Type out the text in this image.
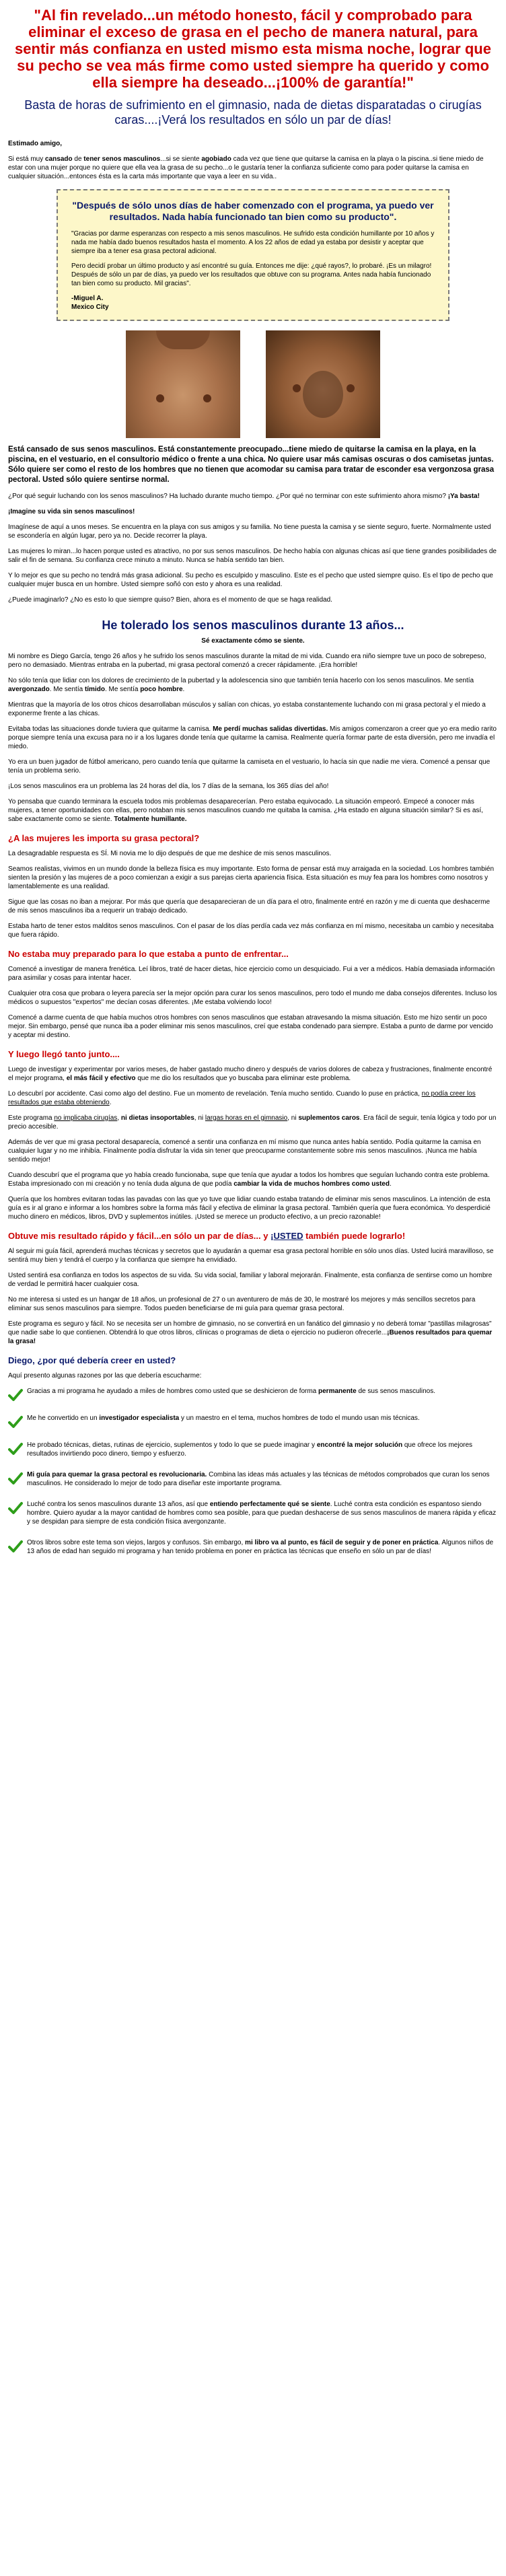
"Al fin revelado...un método honesto, fácil y comprobado para eliminar el exceso de grasa en el pecho de manera natural, para sentir más confianza en usted mismo esta misma noche, lograr que su pecho se vea más firme como usted siempre ha querido y como ella siempre ha deseado...¡100% de garantía!"
Basta de horas de sufrimiento en el gimnasio, nada de dietas disparatadas o cirugías caras....¡Verá los resultados en sólo un par de días!

Estimado amigo,

Si está muy cansado de tener senos masculinos...si se siente agobiado cada vez que tiene que quitarse la camisa en la playa o la piscina..si tiene miedo de estar con una mujer porque no quiere que ella vea la grasa de su pecho...o le gustaría tener la confianza suficiente como para poder quitarse la camisa en cualquier situación...entonces ésta es la carta más importante que vaya a leer en su vida..

"Después de sólo unos días de haber comenzado con el programa, ya puedo ver resultados. Nada había funcionado tan bien como su producto".

"Gracias por darme esperanzas con respecto a mis senos masculinos. He sufrido esta condición humillante por 10 años y nada me había dado buenos resultados hasta el momento. A los 22 años de edad ya estaba por desistir y aceptar que siempre iba a tener esa grasa pectoral adicional.

Pero decidí probar un último producto y así encontré su guía. Entonces me dije: ¿qué rayos?, lo probaré. ¡Es un milagro! Después de sólo un par de días, ya puedo ver los resultados que obtuve con su programa. Antes nada había funcionado tan bien como su producto. Mil gracias".

-Miguel A.
Mexico City
Está cansado de sus senos masculinos. Está constantemente preocupado...tiene miedo de quitarse la camisa en la playa, en la piscina, en el vestuario, en el consultorio médico o frente a una chica. No quiere usar más camisas oscuras o dos camisetas juntas. Sólo quiere ser como el resto de los hombres que no tienen que acomodar su camisa para tratar de esconder esa vergonzosa grasa pectoral. Usted sólo quiere sentirse normal.

¿Por qué seguir luchando con los senos masculinos? Ha luchado durante mucho tiempo. ¿Por qué no terminar con este sufrimiento ahora mismo? ¡Ya basta!

¡Imagine su vida sin senos masculinos!

Imagínese de aquí a unos meses. Se encuentra en la playa con sus amigos y su familia. No tiene puesta la camisa y se siente seguro, fuerte. Normalmente usted se escondería en algún lugar, pero ya no. Decide recorrer la playa.

Las mujeres lo miran...lo hacen porque usted es atractivo, no por sus senos masculinos. De hecho había con algunas chicas así que tiene grandes posibilidades de salir el fin de semana. Su confianza crece minuto a minuto. Nunca se había sentido tan bien.

Y lo mejor es que su pecho no tendrá más grasa adicional. Su pecho es esculpido y masculino. Este es el pecho que usted siempre quiso. Es el tipo de pecho que cualquier mujer busca en un hombre. Usted siempre soñó con esto y ahora es una realidad.

¿Puede imaginarlo? ¿No es esto lo que siempre quiso? Bien, ahora es el momento de que se haga realidad.

He tolerado los senos masculinos durante 13 años...
Sé exactamente cómo se siente.

Mi nombre es Diego García, tengo 26 años y he sufrido los senos masculinos durante la mitad de mi vida. Cuando era niño siempre tuve un poco de sobrepeso, pero no demasiado. Mientras entraba en la pubertad, mi grasa pectoral comenzó a crecer rápidamente. ¡Era horrible!

No sólo tenía que lidiar con los dolores de crecimiento de la pubertad y la adolescencia sino que también tenía hacerlo con los senos masculinos. Me sentía avergonzado. Me sentía tímido. Me sentía poco hombre.

Mientras que la mayoría de los otros chicos desarrollaban músculos y salían con chicas, yo estaba constantemente luchando con mi grasa pectoral y el miedo a exponerme frente a las chicas.

Evitaba todas las situaciones donde tuviera que quitarme la camisa. Me perdí muchas salidas divertidas. Mis amigos comenzaron a creer que yo era medio rarito porque siempre tenía una excusa para no ir a los lugares donde tenía que quitarme la camisa. Realmente quería formar parte de esta diversión, pero me invadía el miedo.

Yo era un buen jugador de fútbol americano, pero cuando tenía que quitarme la camiseta en el vestuario, lo hacía sin que nadie me viera. Comencé a pensar que tenía un problema serio.

¡Los senos masculinos era un problema las 24 horas del día, los 7 días de la semana, los 365 días del año!

Yo pensaba que cuando terminara la escuela todos mis problemas desaparecerían. Pero estaba equivocado. La situación empeoró. Empecé a conocer más mujeres, a tener oportunidades con ellas, pero notaban mis senos masculinos cuando me quitaba la camisa. ¿Ha estado en alguna situación similar? Si es así, sabe exactamente como se siente. Totalmente humillante.

¿A las mujeres les importa su grasa pectoral?

La desagradable respuesta es SÍ. Mi novia me lo dijo después de que me deshice de mis senos masculinos.

Seamos realistas, vivimos en un mundo donde la belleza física es muy importante. Esto forma de pensar está muy arraigada en la sociedad. Los hombres también sienten la presión y las mujeres de a poco comienzan a exigir a sus parejas cierta apariencia física. Esta situación es muy fea para los hombres como nosotros y lamentablemente es una realidad.

Sigue que las cosas no iban a mejorar. Por más que quería que desaparecieran de un día para el otro, finalmente entré en razón y me di cuenta que deshacerme de mis senos masculinos iba a requerir un trabajo dedicado.

Estaba harto de tener estos malditos senos masculinos. Con el pasar de los días perdía cada vez más confianza en mí mismo, necesitaba un cambio y necesitaba que fuera rápido.

No estaba muy preparado para lo que estaba a punto de enfrentar...

Comencé a investigar de manera frenética. Leí libros, traté de hacer dietas, hice ejercicio como un desquiciado. Fui a ver a médicos. Había demasiada información para asimilar y cosas para intentar hacer.

Cualquier otra cosa que probara o leyera parecía ser la mejor opción para curar los senos masculinos, pero todo el mundo me daba consejos diferentes. Incluso los médicos o supuestos "expertos" me decían cosas diferentes. ¡Me estaba volviendo loco!

Comencé a darme cuenta de que había muchos otros hombres con senos masculinos que estaban atravesando la misma situación. Esto me hizo sentir un poco mejor. Sin embargo, pensé que nunca iba a poder eliminar mis senos masculinos, creí que estaba condenado para siempre. Estaba a punto de darme por vencido y aceptar mi destino.

Y luego llegó tanto junto....

Luego de investigar y experimentar por varios meses, de haber gastado mucho dinero y después de varios dolores de cabeza y frustraciones, finalmente encontré el mejor programa, el más fácil y efectivo que me dio los resultados que yo buscaba para eliminar este problema.

Lo descubrí por accidente. Casi como algo del destino. Fue un momento de revelación. Tenía mucho sentido. Cuando lo puse en práctica, no podía creer los resultados que estaba obteniendo.

Este programa no implicaba cirugías, ni dietas insoportables, ni largas horas en el gimnasio, ni suplementos caros. Era fácil de seguir, tenía lógica y todo por un precio accesible.

Además de ver que mi grasa pectoral desaparecía, comencé a sentir una confianza en mí mismo que nunca antes había sentido. Podía quitarme la camisa en cualquier lugar y no me inhibía. Finalmente podía disfrutar la vida sin tener que preocuparme constantemente sobre mis senos masculinos. ¡Nunca me había sentido mejor!

Cuando descubrí que el programa que yo había creado funcionaba, supe que tenía que ayudar a todos los hombres que seguían luchando contra este problema. Estaba impresionado con mi creación y no tenía duda alguna de que podía cambiar la vida de muchos hombres como usted.

Quería que los hombres evitaran todas las pavadas con las que yo tuve que lidiar cuando estaba tratando de eliminar mis senos masculinos. La intención de esta guía es ir al grano e informar a los hombres sobre la forma más fácil y efectiva de eliminar la grasa pectoral. También quería que fuera económica. Yo desperdicié mucho dinero en médicos, libros, DVD y suplementos inútiles. ¡Usted se merece un producto efectivo, a un precio razonable!

Obtuve mis resultado rápido y fácil...en sólo un par de días... y ¡USTED también puede lograrlo!

Al seguir mi guía fácil, aprenderá muchas técnicas y secretos que lo ayudarán a quemar esa grasa pectoral horrible en sólo unos días. Usted lucirá maravilloso, se sentirá muy bien y tendrá el cuerpo y la confianza que siempre ha envidiado.

Usted sentirá esa confianza en todos los aspectos de su vida. Su vida social, familiar y laboral mejorarán. Finalmente, esta confianza de sentirse como un hombre de verdad le permitirá hacer cualquier cosa.

No me interesa si usted es un hangar de 18 años, un profesional de 27 o un aventurero de más de 30, le mostraré los mejores y más sencillos secretos para eliminar sus senos masculinos para siempre. Todos pueden beneficiarse de mi guía para quemar grasa pectoral.

Este programa es seguro y fácil. No se necesita ser un hombre de gimnasio, no se convertirá en un fanático del gimnasio y no deberá tomar "pastillas milagrosas" que nadie sabe lo que contienen. Obtendrá lo que otros libros, clínicas o programas de dieta o ejercicio no pudieron ofrecerle...¡Buenos resultados para quemar la grasa!

Diego, ¿por qué debería creer en usted?

Aquí presento algunas razones por las que debería escucharme:

Gracias a mi programa he ayudado a miles de hombres como usted que se deshicieron de forma permanente de sus senos masculinos.
Me he convertido en un investigador especialista y un maestro en el tema, muchos hombres de todo el mundo usan mis técnicas.
He probado técnicas, dietas, rutinas de ejercicio, suplementos y todo lo que se puede imaginar y encontré la mejor solución que ofrece los mejores resultados invirtiendo poco dinero, tiempo y esfuerzo.
Mi guía para quemar la grasa pectoral es revolucionaria. Combina las ideas más actuales y las técnicas de métodos comprobados que curan los senos masculinos. He considerado lo mejor de todo para diseñar este importante programa.
Luché contra los senos masculinos durante 13 años, así que entiendo perfectamente qué se siente. Luché contra esta condición es espantoso siendo hombre. Quiero ayudar a la mayor cantidad de hombres como sea posible, para que puedan deshacerse de sus senos masculinos de manera rápida y eficaz y se despidan para siempre de esta condición física avergonzante.
Otros libros sobre este tema son viejos, largos y confusos. Sin embargo, mi libro va al punto, es fácil de seguir y de poner en práctica. Algunos niños de 13 años de edad han seguido mi programa y han tenido problema en poner en práctica las técnicas que enseño en sólo un par de días!
